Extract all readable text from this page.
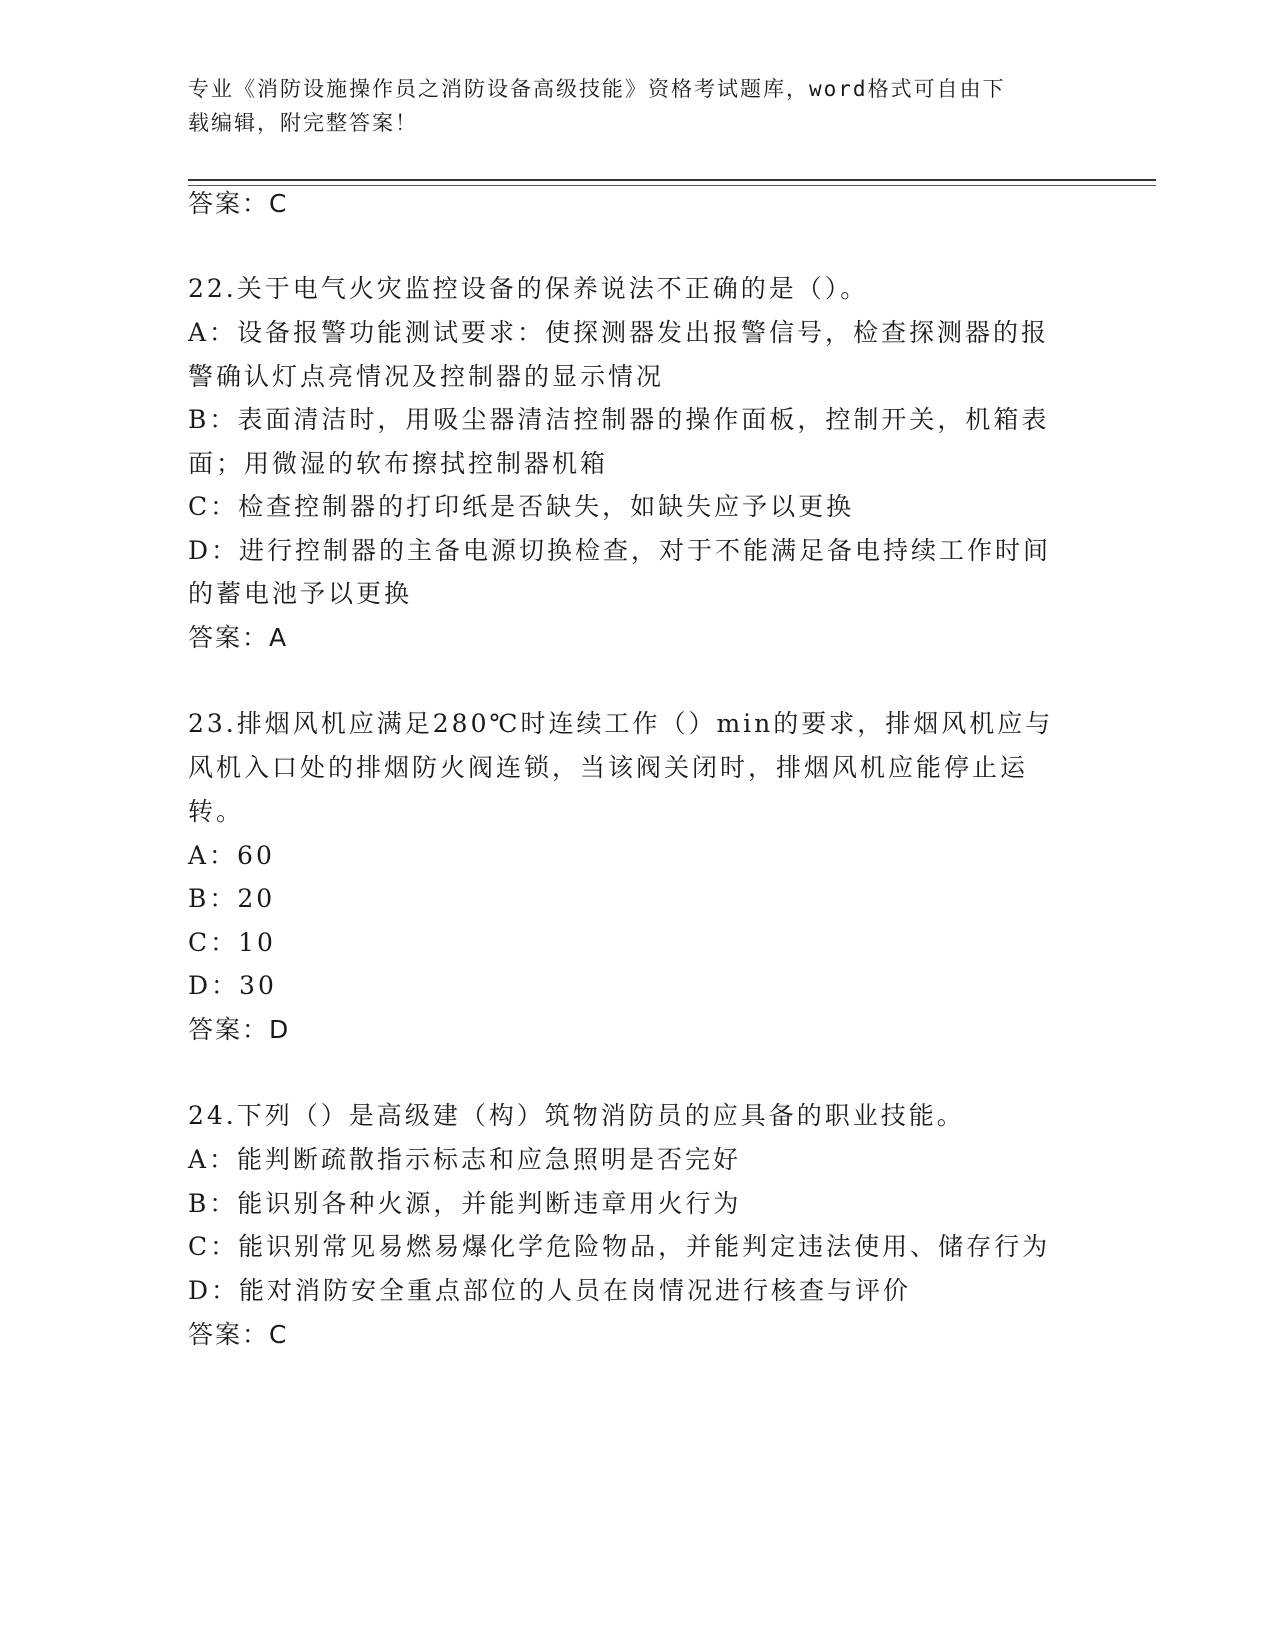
专业《消防设施操作员之消防设备高级技能》资格考试题库，word格式可自由下
载编辑，附完整答案！
答案：C
22.关于电气火灾监控设备的保养说法不正确的是（）。
A：设备报警功能测试要求：使探测器发出报警信号，检查探测器的报
警确认灯点亮情况及控制器的显示情况
B：表面清洁时，用吸尘器清洁控制器的操作面板，控制开关，机箱表
面；用微湿的软布擦拭控制器机箱
C：检查控制器的打印纸是否缺失，如缺失应予以更换
D：进行控制器的主备电源切换检查，对于不能满足备电持续工作时间
的蓄电池予以更换
答案：A
23.排烟风机应满足280℃时连续工作（）min的要求，排烟风机应与
风机入口处的排烟防火阀连锁，当该阀关闭时，排烟风机应能停止运
转。
A：60
B：20
C：10
D：30
答案：D
24.下列（）是高级建（构）筑物消防员的应具备的职业技能。
A：能判断疏散指示标志和应急照明是否完好
B：能识别各种火源，并能判断违章用火行为
C：能识别常见易燃易爆化学危险物品，并能判定违法使用、储存行为
D：能对消防安全重点部位的人员在岗情况进行核查与评价
答案：C
